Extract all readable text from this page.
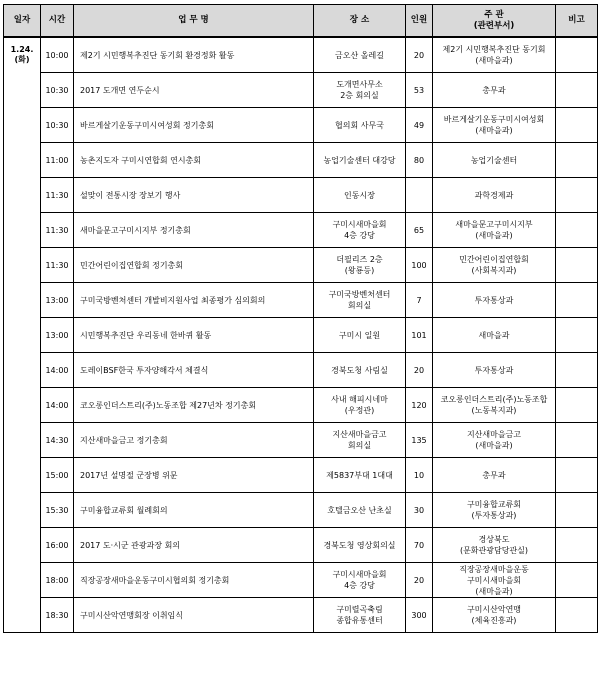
일자	시간	업 무 명	장 소	인원	주 관
(관련부서)	비고

1.24.
(화)	10:00	제2기 시민행복추진단 동기회 환경정화 활동	금오산 올레길	20	제2기 시민행복추진단 동기회
(새마을과)	

	10:30	2017 도개면 연두순시	도개면사무소
2층 회의실	53	총무과	

	10:30	바르게살기운동구미시여성회 정기총회	협의회 사무국	49	바르게살기운동구미시여성회
(새마을과)	

	11:00	농촌지도자 구미시연합회 연시총회	농업기술센터 대강당	80	농업기술센터	

	11:30	설맞이 전통시장 장보기 행사	인동시장		과학경제과	

	11:30	새마을문고구미시지부 정기총회	구미시새마을회
4층 강당	65	새마을문고구미시지부
(새마을과)	

	11:30	민간어린이집연합회 정기총회	더필리즈 2층
(왕룡등)	100	민간어린이집연합회
(사회복지과)	

	13:00	구미국방벤처센터 개발비지원사업 최종평가 심의회의	구미국방벤처센터
회의실	7	투자통상과	

	13:00	시민행복추진단 우리동네 한바퀴 활동	구미시 일원	101	새마을과	

	14:00	도레이BSF한국 투자양해각서 체결식	경북도청 사림실	20	투자통상과	

	14:00	코오롱인더스트리(주)노동조합 제27년차 정기총회	사내 해피시네마
(우정관)	120	코오롱인더스트리(주)노동조합
(노동복지과)	

	14:30	지산새마을금고 정기총회	지산새마을금고
회의실	135	지산새마을금고
(새마을과)	

	15:00	2017년 설명절 군장병 위문	제5837부대 1대대	10	총무과	

	15:30	구미융합교류회 월례회의	호텔금오산 난초실	30	구미융합교류회
(투자통상과)	

	16:00	2017 도·시군 관광과장 회의	경북도청 영상회의실	70	경상북도
(문화관광담당관실)	

	18:00	직장공장새마을운동구미시협의회 정기총회	구미시새마을회
4층 강당	20	직장공장새마을운동
구미시새마을회
(새마을과)	

	18:30	구미시산악연맹회장 이취임식	구미렬곡축림
종합유통센터	300	구미시산악연맹
(체육진흥과)	
